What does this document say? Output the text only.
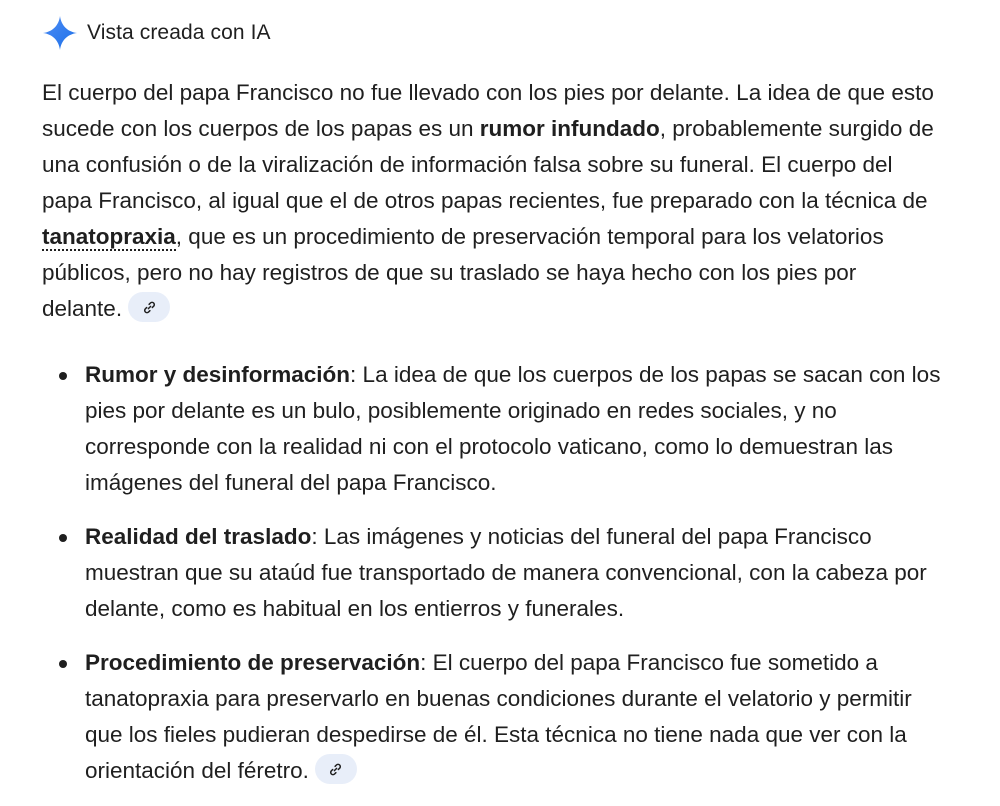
Vista creada con IA
El cuerpo del papa Francisco no fue llevado con los pies por delante. La idea de que esto
sucede con los cuerpos de los papas es un rumor infundado, probablemente surgido de
una confusión o de la viralización de información falsa sobre su funeral. El cuerpo del
papa Francisco, al igual que el de otros papas recientes, fue preparado con la técnica de
tanatopraxia, que es un procedimiento de preservación temporal para los velatorios
públicos, pero no hay registros de que su traslado se haya hecho con los pies por
delante.
Rumor y desinformación: La idea de que los cuerpos de los papas se sacan con los
pies por delante es un bulo, posiblemente originado en redes sociales, y no
corresponde con la realidad ni con el protocolo vaticano, como lo demuestran las
imágenes del funeral del papa Francisco.
Realidad del traslado: Las imágenes y noticias del funeral del papa Francisco
muestran que su ataúd fue transportado de manera convencional, con la cabeza por
delante, como es habitual en los entierros y funerales.
Procedimiento de preservación: El cuerpo del papa Francisco fue sometido a
tanatopraxia para preservarlo en buenas condiciones durante el velatorio y permitir
que los fieles pudieran despedirse de él. Esta técnica no tiene nada que ver con la
orientación del féretro.
